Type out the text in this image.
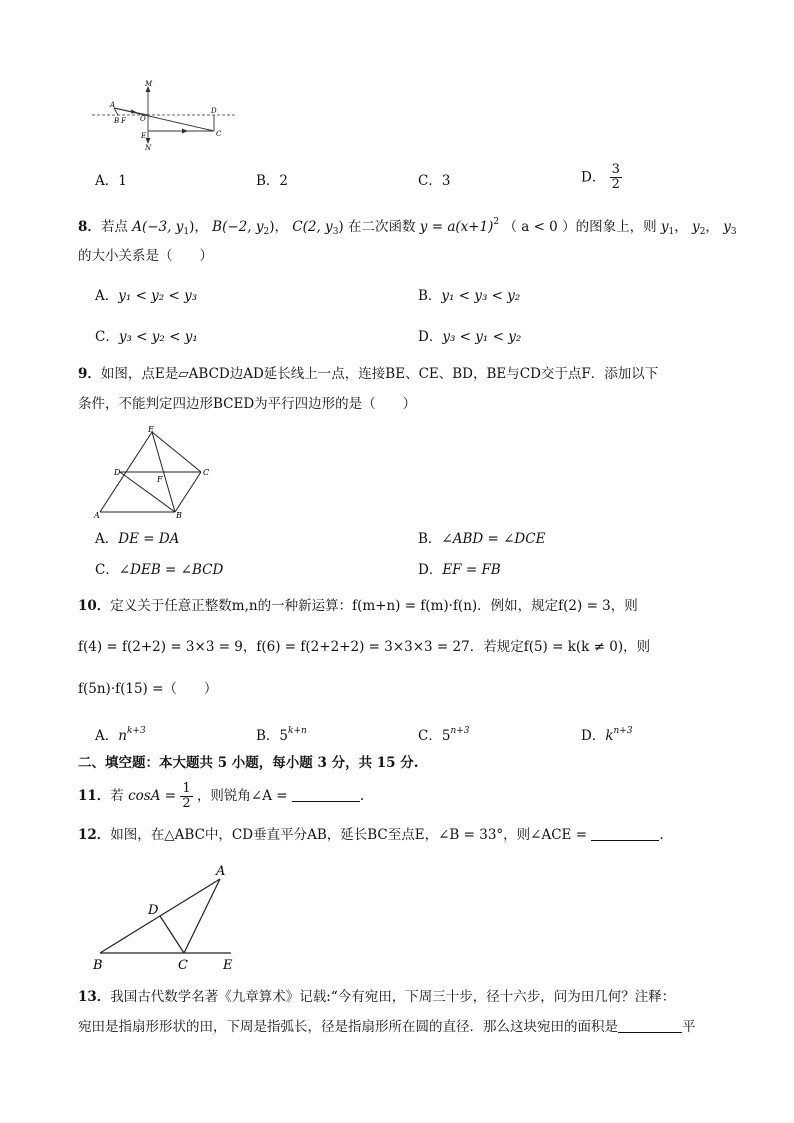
M
A
B F O
D
C
E
N
A．1	B．2	C．3	D． $\frac{3}{2}$
8．若点 A(−3, $y_1$)， B(−2, $y_2$)， C(2, $y_3$) 在二次函数 $y = a(x+1)^2$ （ a < 0 ）的图象上，则 $y_1$， $y_2$， $y_3$
的大小关系是（　　）
A．y₁ < y₂ < y₃	B．y₁ < y₃ < y₂
C．y₃ < y₂ < y₁	D．y₃ < y₁ < y₂
9．如图，点E是▱ABCD边AD延长线上一点，连接BE、CE、BD，BE与CD交于点F．添加以下
条件，不能判定四边形BCED为平行四边形的是（　　）
E
D	C
F
A	B
A．DE = DA	B．∠ABD = ∠DCE
C．∠DEB = ∠BCD	D．EF = FB
10．定义关于任意正整数m,n的一种新运算：f(m+n) = f(m)·f(n)．例如，规定f(2) = 3，则
f(4) = f(2+2) = 3×3 = 9，f(6) = f(2+2+2) = 3×3×3 = 27．若规定f(5) = k(k ≠ 0)，则
f(5n)·f(15) =（　　）
A．$n^{k+3}$	B．$5^{k+n}$	C．$5^{n+3}$	D．$k^{n+3}$
二、填空题：本大题共 5 小题，每小题 3 分，共 15 分.
11．若 $\cos A = \frac{1}{2}$ ，则锐角∠A =	.
12．如图，在△ABC中，CD垂直平分AB，延长BC至点E，∠B = 33°，则∠ACE =	.
A
D
B	C	E
13．我国古代数学名著《九章算术》记载:“今有宛田，下周三十步，径十六步，问为田几何？注释：
宛田是指扇形形状的田，下周是指弧长，径是指扇形所在圆的直径．那么这块宛田的面积是	平
